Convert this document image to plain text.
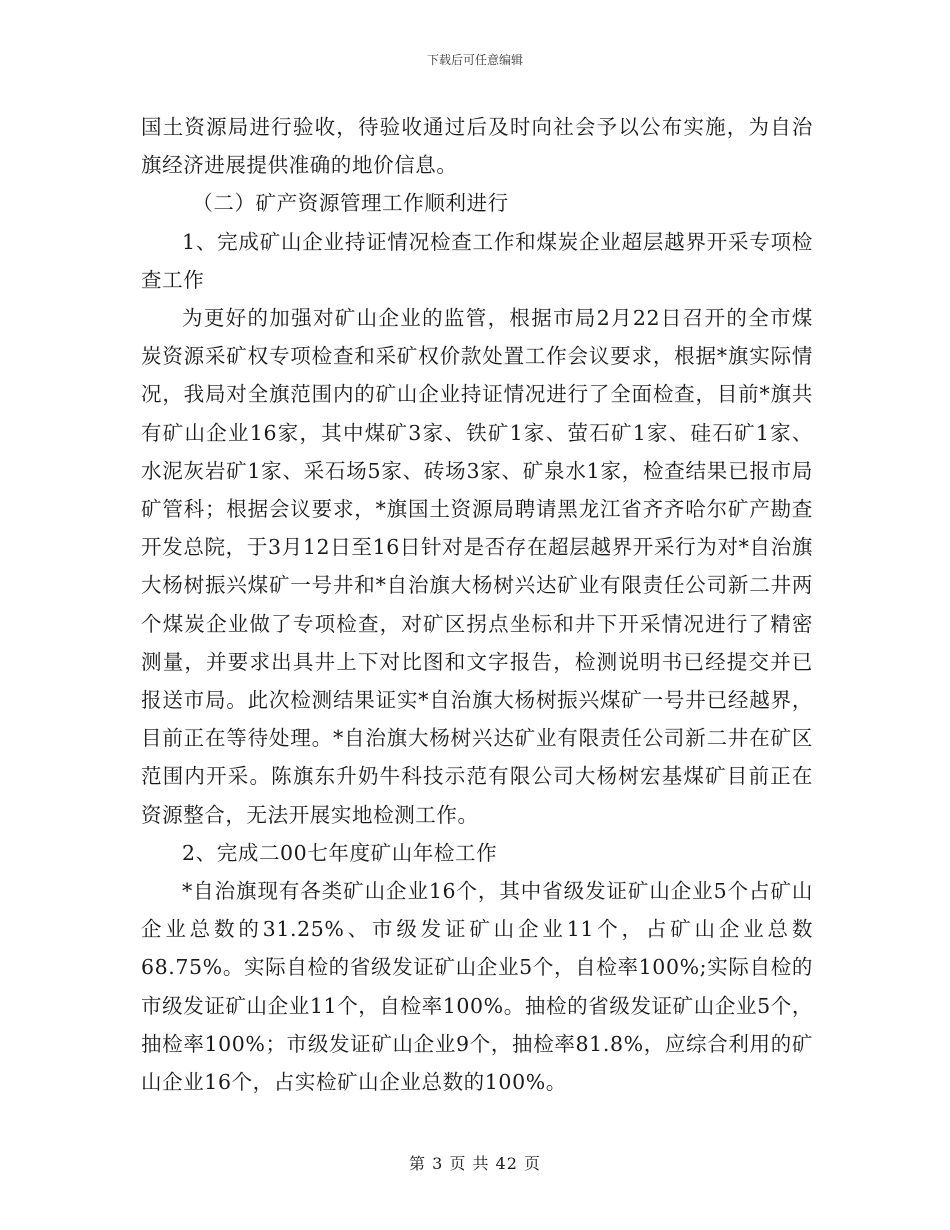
下载后可任意编辑

国土资源局进行验收，待验收通过后及时向社会予以公布实施，为自治旗经济进展提供准确的地价信息。

（二）矿产资源管理工作顺利进行

1、完成矿山企业持证情况检查工作和煤炭企业超层越界开采专项检查工作

为更好的加强对矿山企业的监管，根据市局2月22日召开的全市煤炭资源采矿权专项检查和采矿权价款处置工作会议要求，根据*旗实际情况，我局对全旗范围内的矿山企业持证情况进行了全面检查，目前*旗共有矿山企业16家，其中煤矿3家、铁矿1家、萤石矿1家、硅石矿1家、水泥灰岩矿1家、采石场5家、砖场3家、矿泉水1家，检查结果已报市局矿管科；根据会议要求，*旗国土资源局聘请黑龙江省齐齐哈尔矿产勘查开发总院，于3月12日至16日针对是否存在超层越界开采行为对*自治旗大杨树振兴煤矿一号井和*自治旗大杨树兴达矿业有限责任公司新二井两个煤炭企业做了专项检查，对矿区拐点坐标和井下开采情况进行了精密测量，并要求出具井上下对比图和文字报告，检测说明书已经提交并已报送市局。此次检测结果证实*自治旗大杨树振兴煤矿一号井已经越界，目前正在等待处理。*自治旗大杨树兴达矿业有限责任公司新二井在矿区范围内开采。陈旗东升奶牛科技示范有限公司大杨树宏基煤矿目前正在资源整合，无法开展实地检测工作。

2、完成二00七年度矿山年检工作

*自治旗现有各类矿山企业16个，其中省级发证矿山企业5个占矿山企业总数的31.25%、市级发证矿山企业11个，占矿山企业总数68.75%。实际自检的省级发证矿山企业5个，自检率100%;实际自检的市级发证矿山企业11个，自检率100%。抽检的省级发证矿山企业5个，抽检率100%；市级发证矿山企业9个，抽检率81.8%，应综合利用的矿山企业16个，占实检矿山企业总数的100%。

第 3 页 共 42 页
